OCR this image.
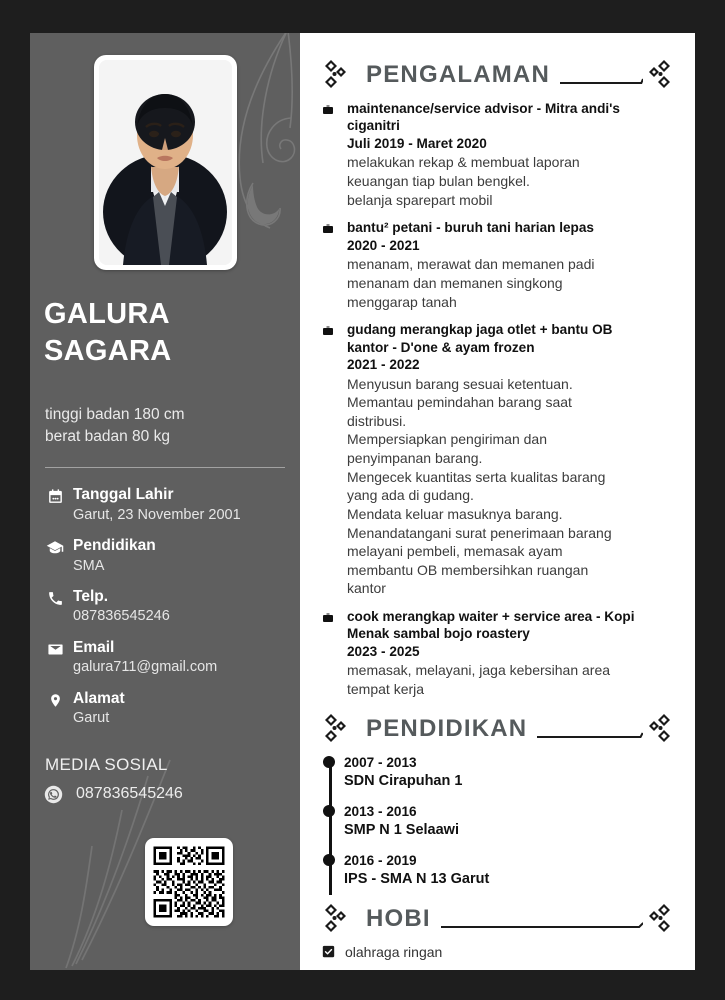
GALURA
SAGARA
tinggi badan 180 cm
berat badan 80 kg
Tanggal Lahir
Garut, 23 November 2001
Pendidikan
SMA
Telp.
087836545246
Email
galura711@gmail.com
Alamat
Garut
MEDIA SOSIAL
087836545246
PENGALAMAN
maintenance/service advisor - Mitra andi's
ciganitri
Juli 2019 - Maret 2020
melakukan rekap & membuat laporan
keuangan tiap bulan bengkel.
belanja sparepart mobil
bantu² petani - buruh tani harian lepas
2020 - 2021
menanam, merawat dan memanen padi
menanam dan memanen singkong
menggarap tanah
gudang merangkap jaga otlet + bantu OB
kantor - D'one & ayam frozen
2021 - 2022
Menyusun barang sesuai ketentuan.
Memantau pemindahan barang saat
distribusi.
Mempersiapkan pengiriman dan
penyimpanan barang.
Mengecek kuantitas serta kualitas barang
yang ada di gudang.
Mendata keluar masuknya barang.
Menandatangani surat penerimaan barang
melayani pembeli, memasak ayam
membantu OB membersihkan ruangan
kantor
cook merangkap waiter + service area - Kopi
Menak sambal bojo roastery
2023 - 2025
memasak, melayani, jaga kebersihan area
tempat kerja
PENDIDIKAN
2007 - 2013
SDN Cirapuhan 1
2013 - 2016
SMP N 1 Selaawi
2016 - 2019
IPS - SMA N 13 Garut
HOBI
olahraga ringan
